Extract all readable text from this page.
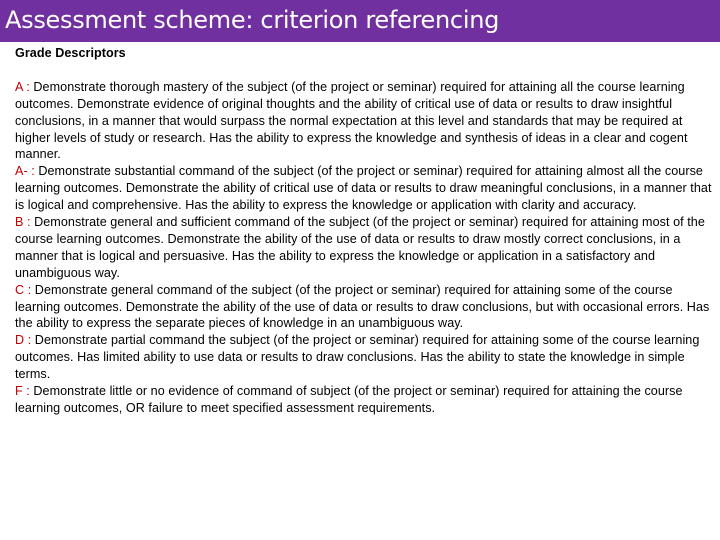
Assessment scheme: criterion referencing

Grade Descriptors

A : Demonstrate thorough mastery of the subject (of the project or seminar) required for attaining all the course learning outcomes. Demonstrate evidence of original thoughts and the ability of critical use of data or results to draw insightful conclusions, in a manner that would surpass the normal expectation at this level and standards that may be required at higher levels of study or research. Has the ability to express the knowledge and synthesis of ideas in a clear and cogent manner.

A- : Demonstrate substantial command of the subject (of the project or seminar) required for attaining almost all the course learning outcomes. Demonstrate the ability of critical use of data or results to draw meaningful conclusions, in a manner that is logical and comprehensive. Has the ability to express the knowledge or application with clarity and accuracy.

B : Demonstrate general and sufficient command of the subject (of the project or seminar) required for attaining most of the course learning outcomes. Demonstrate the ability of the use of data or results to draw mostly correct conclusions, in a manner that is logical and persuasive. Has the ability to express the knowledge or application in a satisfactory and unambiguous way.

C : Demonstrate general command of the subject (of the project or seminar) required for attaining some of the course learning outcomes. Demonstrate the ability of the use of data or results to draw conclusions, but with occasional errors. Has the ability to express the separate pieces of knowledge in an unambiguous way.

D : Demonstrate partial command the subject (of the project or seminar) required for attaining some of the course learning outcomes. Has limited ability to use data or results to draw conclusions. Has the ability to state the knowledge in simple terms.

F : Demonstrate little or no evidence of command of subject (of the project or seminar) required for attaining the course learning outcomes, OR failure to meet specified assessment requirements.
